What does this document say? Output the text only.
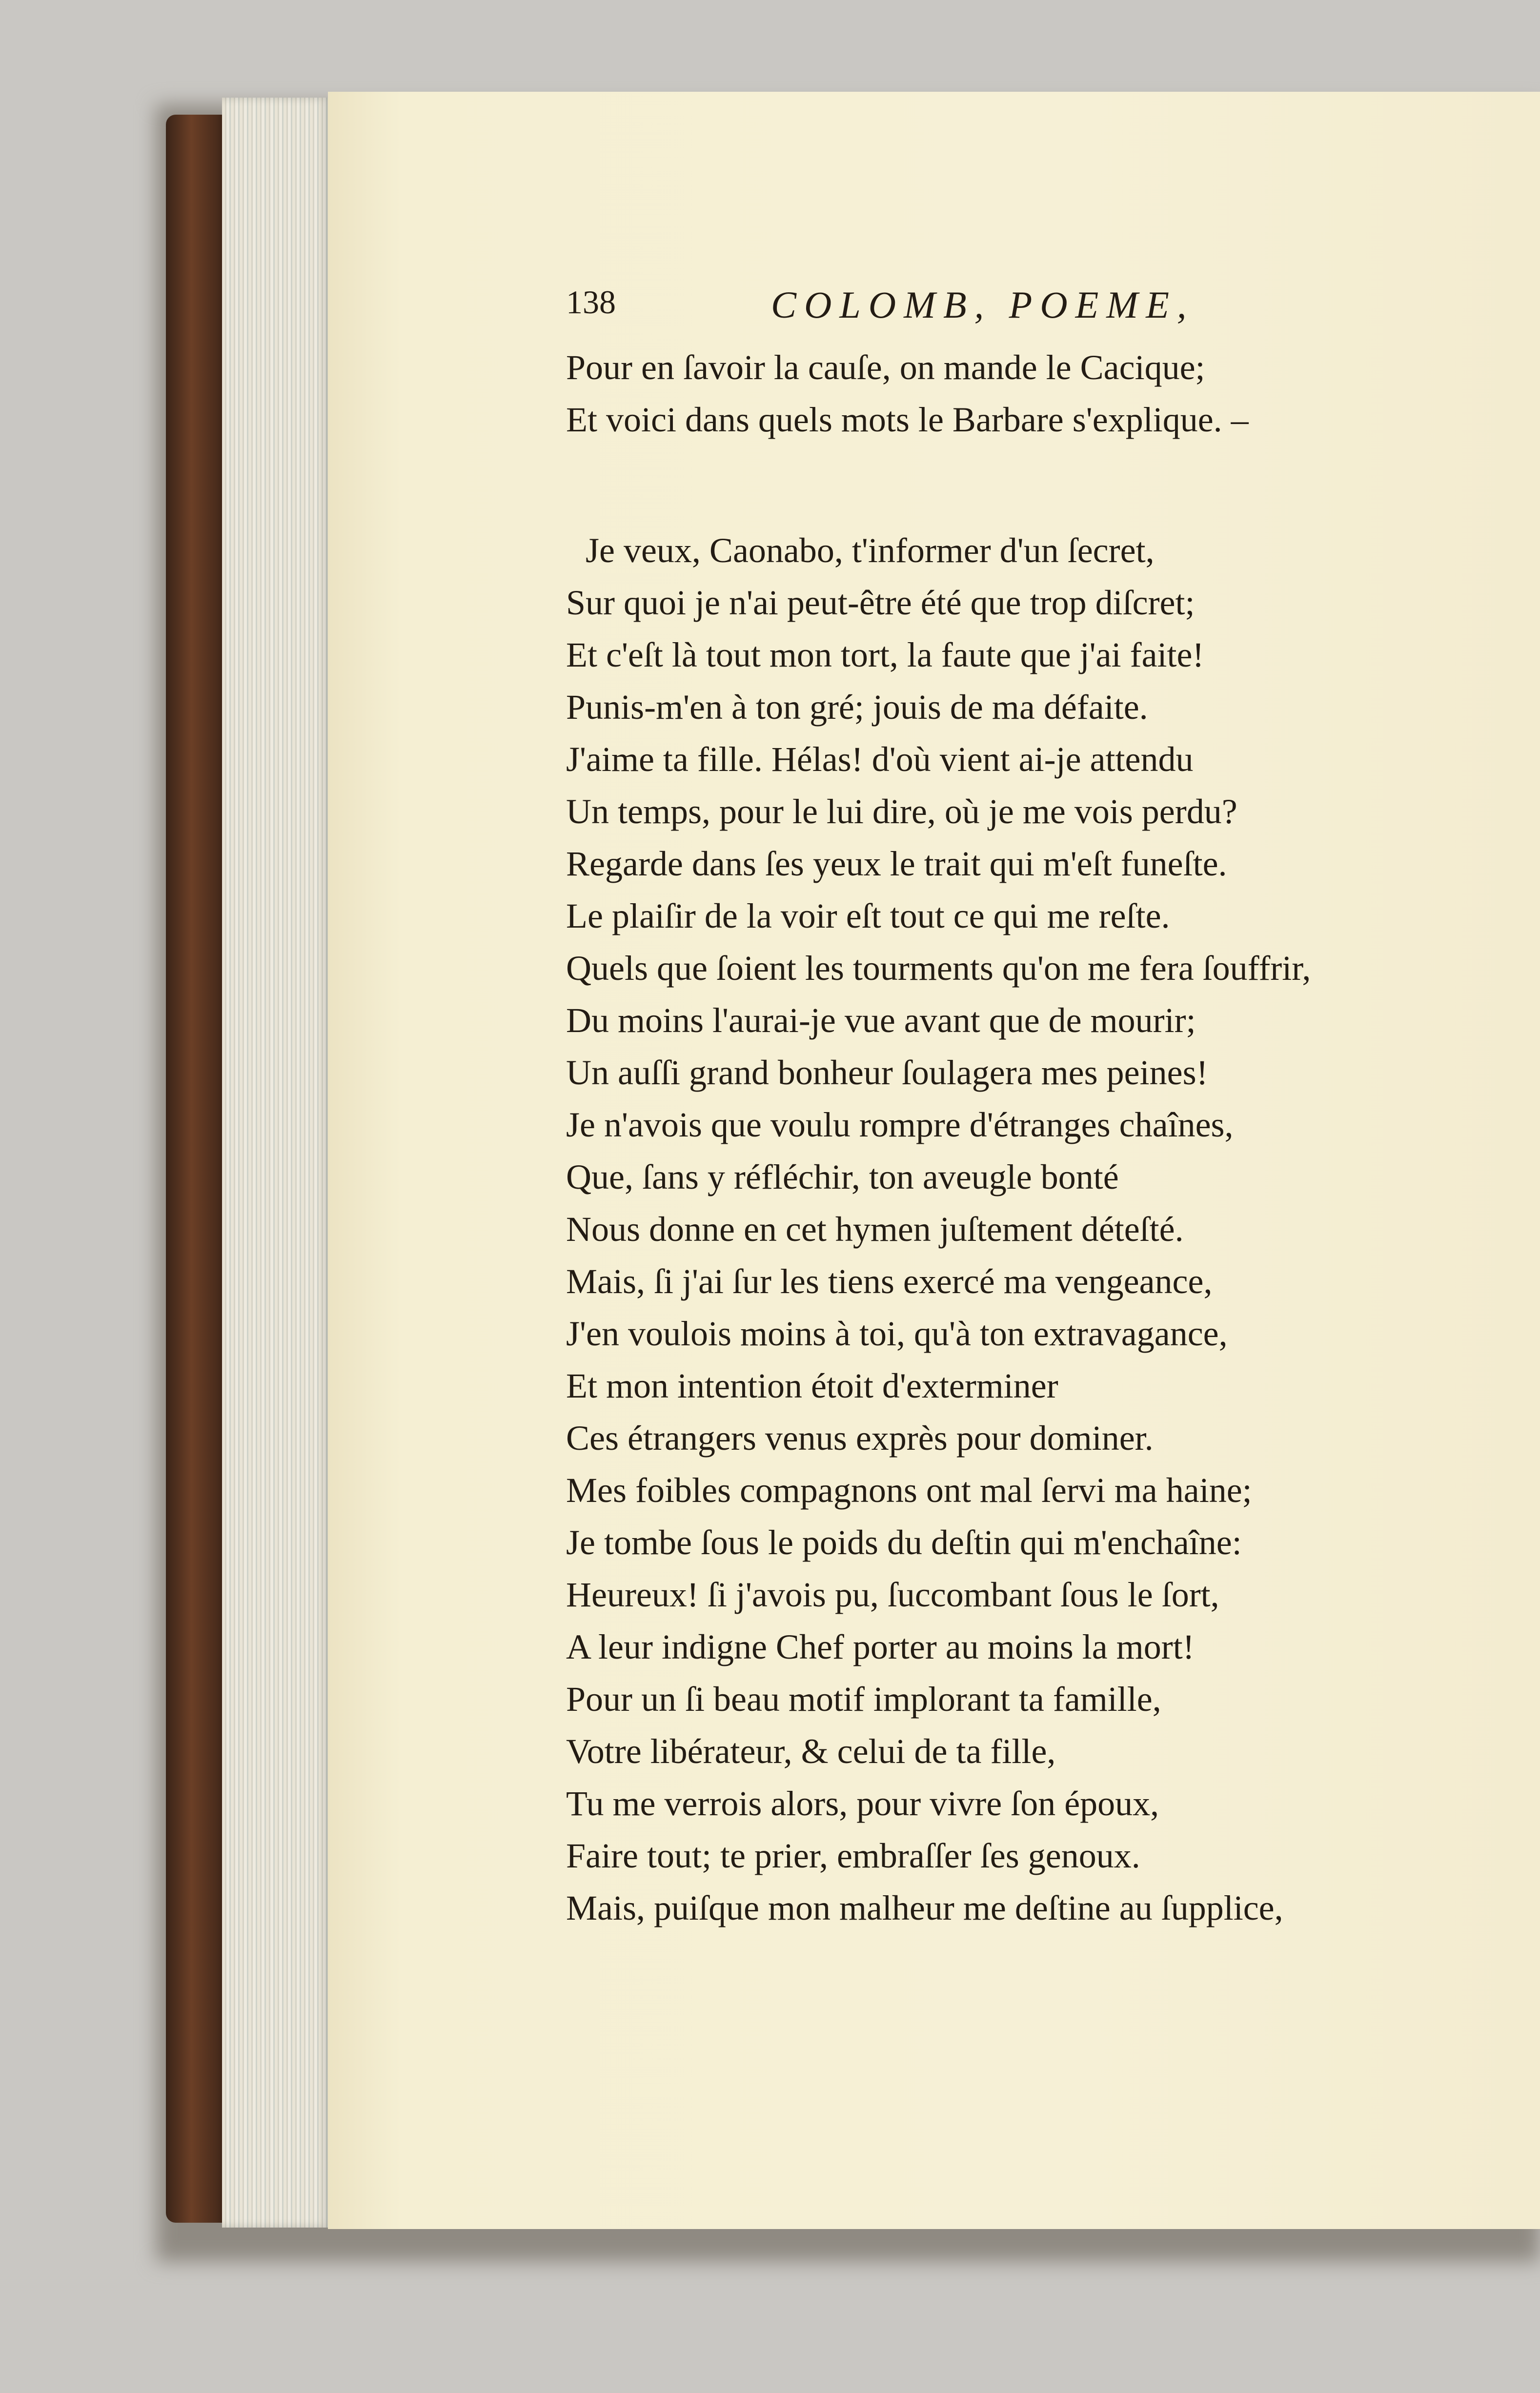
138	COLOMB, POEME,
Pour en ſavoir la cauſe, on mande le Cacique;
Et voici dans quels mots le Barbare s'explique. –
Je veux, Caonabo, t'informer d'un ſecret,
Sur quoi je n'ai peut-être été que trop diſcret;
Et c'eſt là tout mon tort, la faute que j'ai faite!
Punis-m'en à ton gré; jouis de ma défaite.
J'aime ta fille. Hélas! d'où vient ai-je attendu
Un temps, pour le lui dire, où je me vois perdu?
Regarde dans ſes yeux le trait qui m'eſt funeſte.
Le plaiſir de la voir eſt tout ce qui me reſte.
Quels que ſoient les tourments qu'on me fera ſouffrir,
Du moins l'aurai-je vue avant que de mourir;
Un auſſi grand bonheur ſoulagera mes peines!
Je n'avois que voulu rompre d'étranges chaînes,
Que, ſans y réfléchir, ton aveugle bonté
Nous donne en cet hymen juſtement déteſté.
Mais, ſi j'ai ſur les tiens exercé ma vengeance,
J'en voulois moins à toi, qu'à ton extravagance,
Et mon intention étoit d'exterminer
Ces étrangers venus exprès pour dominer.
Mes foibles compagnons ont mal ſervi ma haine;
Je tombe ſous le poids du deſtin qui m'enchaîne:
Heureux! ſi j'avois pu, ſuccombant ſous le ſort,
A leur indigne Chef porter au moins la mort!
Pour un ſi beau motif implorant ta famille,
Votre libérateur, & celui de ta fille,
Tu me verrois alors, pour vivre ſon époux,
Faire tout; te prier, embraſſer ſes genoux.
Mais, puiſque mon malheur me deſtine au ſupplice,
